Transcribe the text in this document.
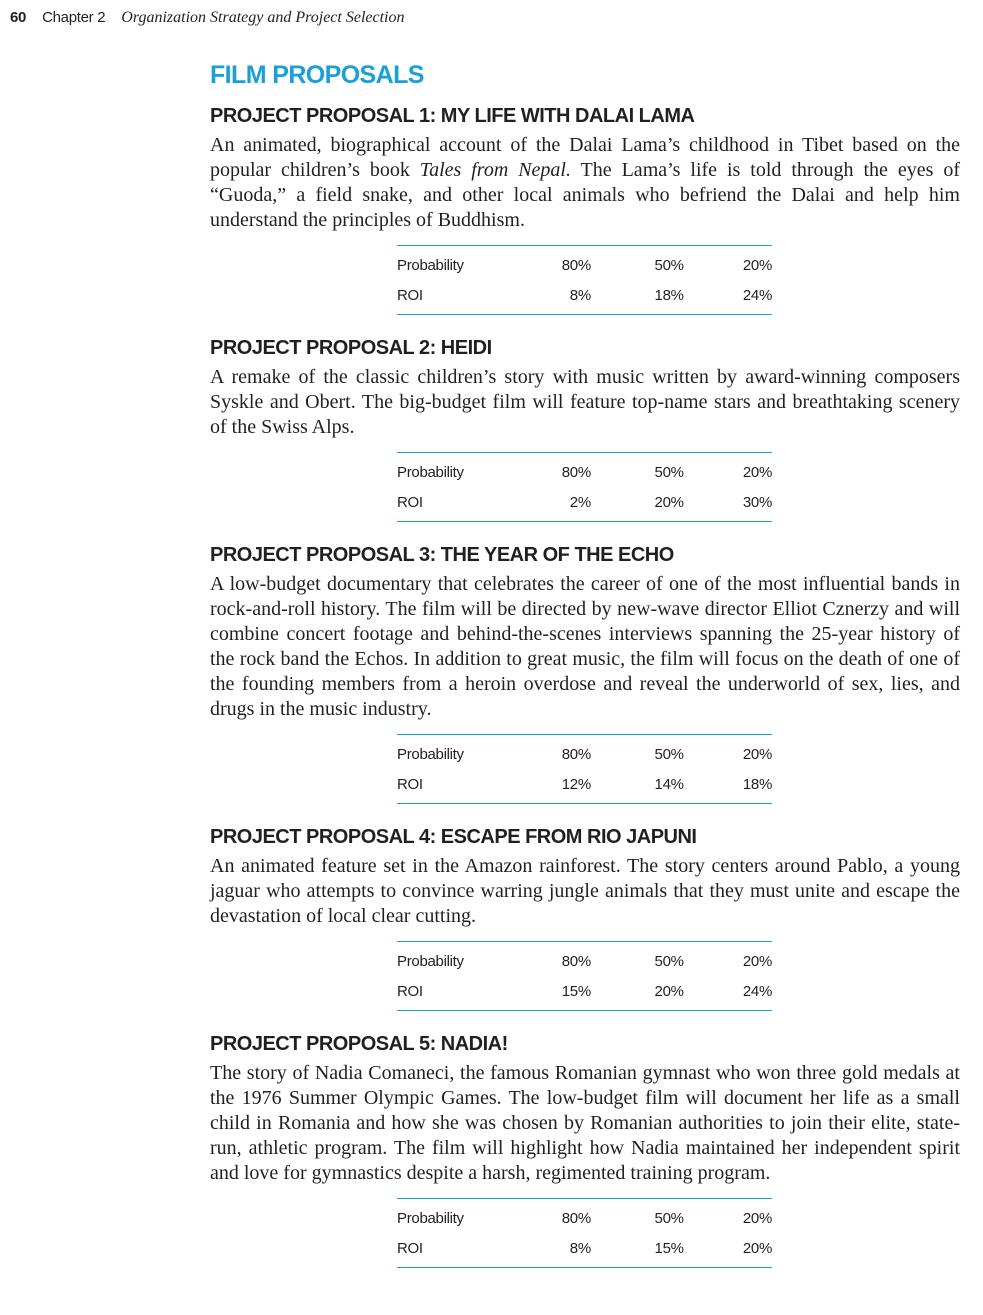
60 Chapter 2 Organization Strategy and Project Selection
FILM PROPOSALS
PROJECT PROPOSAL 1: MY LIFE WITH DALAI LAMA

An animated, biographical account of the Dalai Lama’s childhood in Tibet based on the popular children’s book Tales from Nepal. The Lama’s life is told through the eyes of “Guoda,” a field snake, and other local animals who befriend the Dalai and help him understand the principles of Buddhism.

Probability	80%	50%	20%
ROI	8%	18%	24%
PROJECT PROPOSAL 2: HEIDI

A remake of the classic children’s story with music written by award-winning composers Syskle and Obert. The big-budget film will feature top-name stars and breathtaking scenery of the Swiss Alps.

Probability	80%	50%	20%
ROI	2%	20%	30%
PROJECT PROPOSAL 3: THE YEAR OF THE ECHO

A low-budget documentary that celebrates the career of one of the most influential bands in rock-and-roll history. The film will be directed by new-wave director Elliot Cznerzy and will combine concert footage and behind-the-scenes interviews spanning the 25-year history of the rock band the Echos. In addition to great music, the film will focus on the death of one of the founding members from a heroin overdose and reveal the underworld of sex, lies, and drugs in the music industry.

Probability	80%	50%	20%
ROI	12%	14%	18%
PROJECT PROPOSAL 4: ESCAPE FROM RIO JAPUNI

An animated feature set in the Amazon rainforest. The story centers around Pablo, a young jaguar who attempts to convince warring jungle animals that they must unite and escape the devastation of local clear cutting.

Probability	80%	50%	20%
ROI	15%	20%	24%
PROJECT PROPOSAL 5: NADIA!

The story of Nadia Comaneci, the famous Romanian gymnast who won three gold medals at the 1976 Summer Olympic Games. The low-budget film will document her life as a small child in Romania and how she was chosen by Romanian authorities to join their elite, state-run, athletic program. The film will highlight how Nadia maintained her independent spirit and love for gymnastics despite a harsh, regimented training program.

Probability	80%	50%	20%
ROI	8%	15%	20%
